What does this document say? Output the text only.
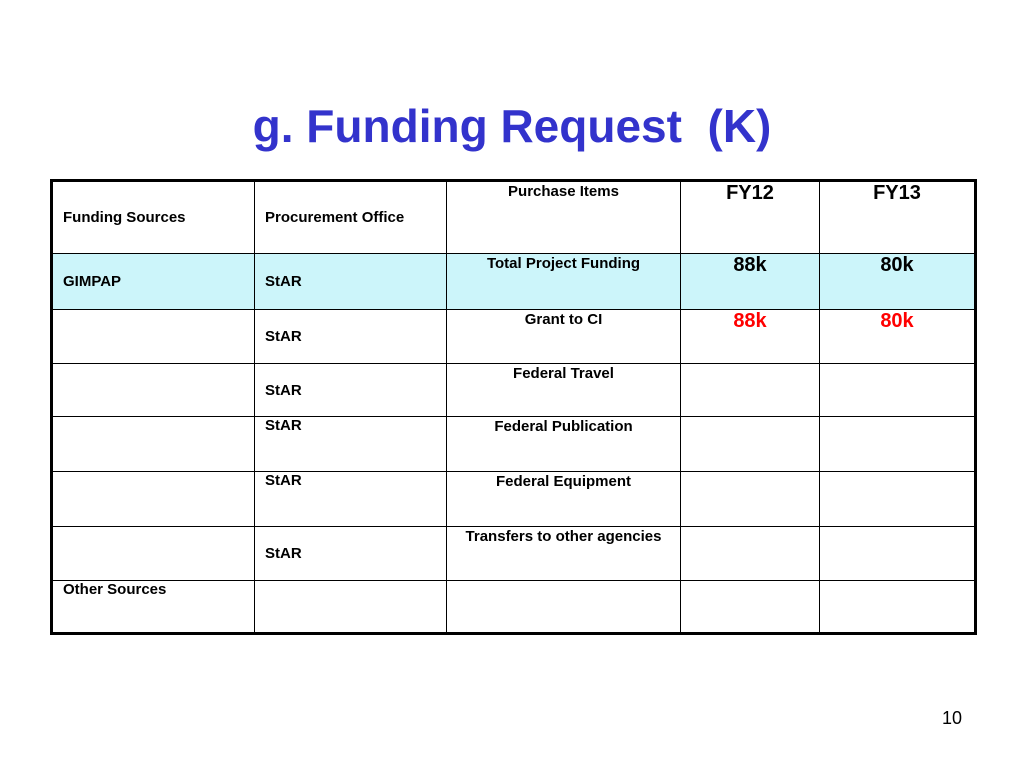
g. Funding Request  (K)
Funding Sources	Procurement Office	Purchase Items	FY12	FY13
GIMPAP	StAR	Total Project Funding	88k	80k
	StAR	Grant to CI	88k	80k
	StAR	Federal Travel		
	StAR	Federal Publication		
	StAR	Federal Equipment		
	StAR	Transfers to other agencies		
Other Sources				
10
